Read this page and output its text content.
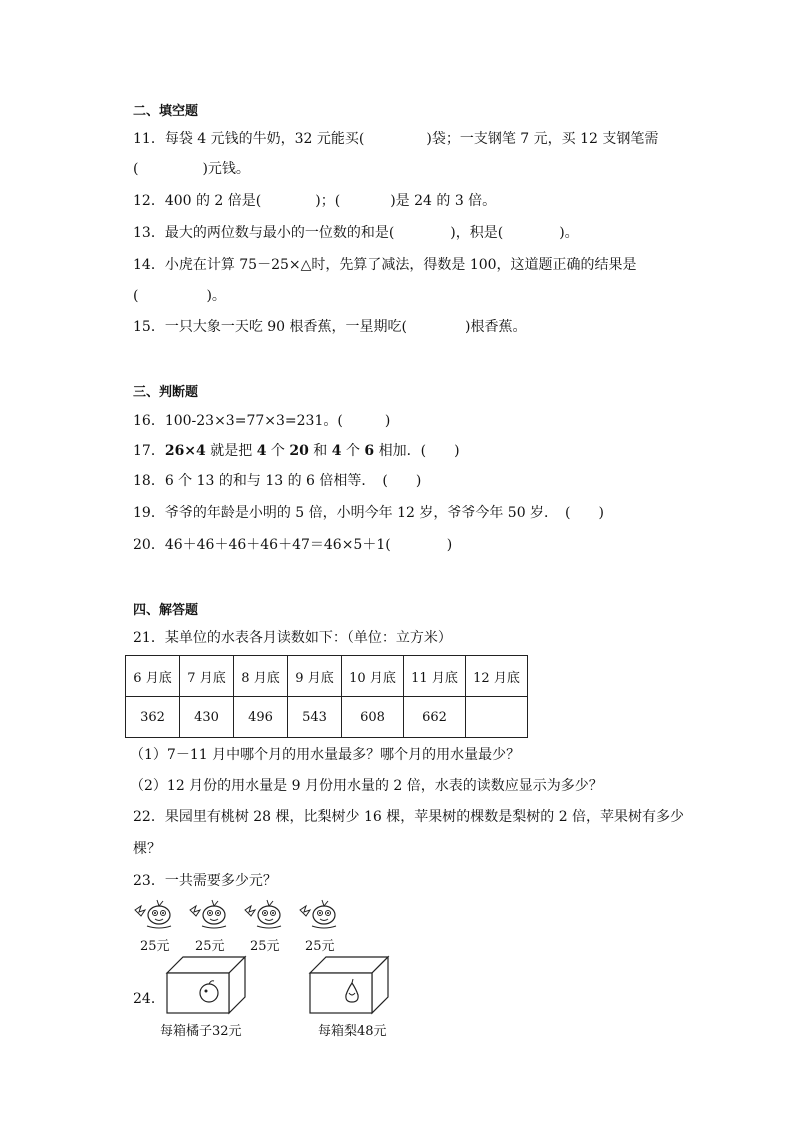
二、填空题
11．每袋 4 元钱的牛奶，32 元能买(	)袋；一支钢笔 7 元，买 12 支钢笔需
(	)元钱。
12．400 的 2 倍是(	)；(	)是 24 的 3 倍。
13．最大的两位数与最小的一位数的和是(	)，积是(	)。
14．小虎在计算 75－25×△时，先算了减法，得数是 100，这道题正确的结果是
(	)。
15．一只大象一天吃 90 根香蕉，一星期吃(	)根香蕉。
三、判断题
16．100-23×3=77×3=231。(　　　)
17．26×4 就是把 4 个 20 和 4 个 6 相加．(　　)
18．6 个 13 的和与 13 的 6 倍相等．　(　　)
19．爷爷的年龄是小明的 5 倍，小明今年 12 岁，爷爷今年 50 岁．　(　　)
20．46＋46＋46＋46＋47＝46×5＋1(　　　　)
四、解答题
21．某单位的水表各月读数如下：（单位：立方米）
6 月底	7 月底	8 月底	9 月底	10 月底	11 月底	12 月底
362	430	496	543	608	662	
（1）7－11 月中哪个月的用水量最多？哪个月的用水量最少？
（2）12 月份的用水量是 9 月份用水量的 2 倍，水表的读数应显示为多少？
22．果园里有桃树 28 棵，比梨树少 16 棵，苹果树的棵数是梨树的 2 倍，苹果树有多少
棵？
23．一共需要多少元？
25元 25元 25元 25元
24．
每箱橘子32元	每箱梨48元
